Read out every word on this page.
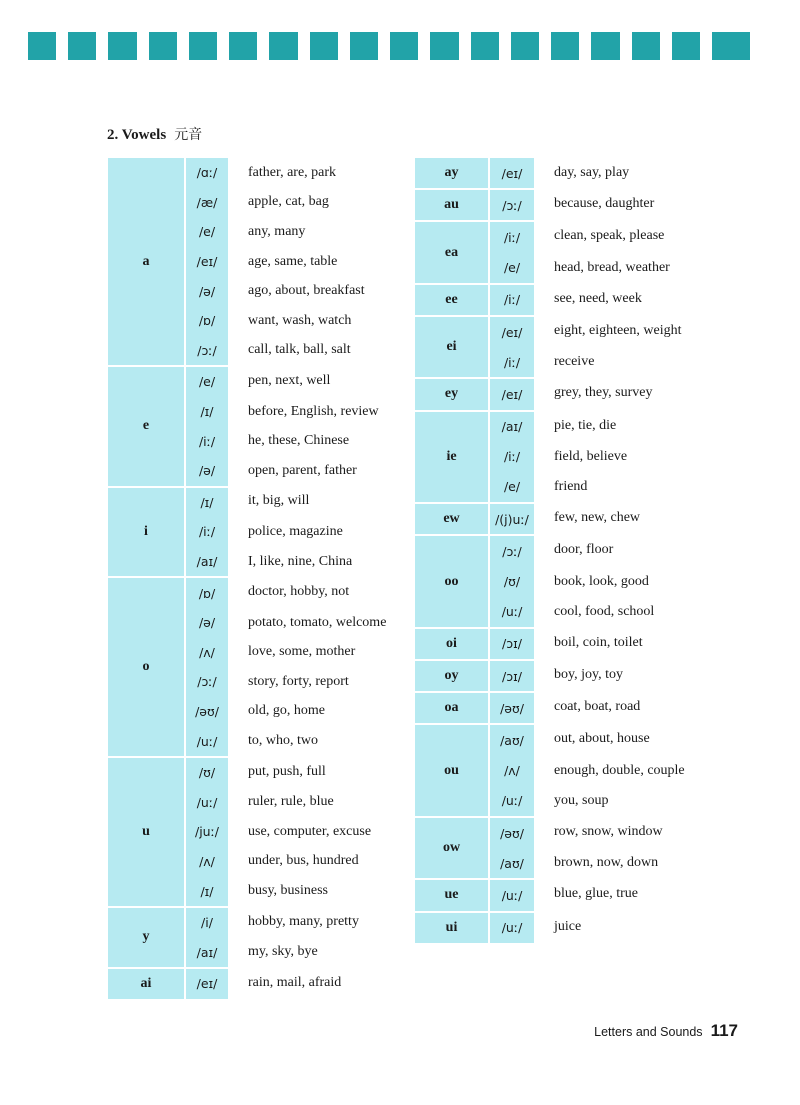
2. Vowels 元音
a	/ɑː/	father, are, park
	/æ/	apple, cat, bag
	/e/	any, many
	/eɪ/	age, same, table
	/ə/	ago, about, breakfast
	/ɒ/	want, wash, watch
	/ɔː/	call, talk, ball, salt
e	/e/	pen, next, well
	/ɪ/	before, English, review
	/iː/	he, these, Chinese
	/ə/	open, parent, father
i	/ɪ/	it, big, will
	/iː/	police, magazine
	/aɪ/	I, like, nine, China
o	/ɒ/	doctor, hobby, not
	/ə/	potato, tomato, welcome
	/ʌ/	love, some, mother
	/ɔː/	story, forty, report
	/əʊ/	old, go, home
	/uː/	to, who, two
u	/ʊ/	put, push, full
	/uː/	ruler, rule, blue
	/juː/	use, computer, excuse
	/ʌ/	under, bus, hundred
	/ɪ/	busy, business
y	/i/	hobby, many, pretty
	/aɪ/	my, sky, bye
ai	/eɪ/	rain, mail, afraid
ay	/eɪ/	day, say, play
au	/ɔː/	because, daughter
ea	/iː/	clean, speak, please
	/e/	head, bread, weather
ee	/iː/	see, need, week
ei	/eɪ/	eight, eighteen, weight
	/iː/	receive
ey	/eɪ/	grey, they, survey
ie	/aɪ/	pie, tie, die
	/iː/	field, believe
	/e/	friend
ew	/(j)uː/	few, new, chew
oo	/ɔː/	door, floor
	/ʊ/	book, look, good
	/uː/	cool, food, school
oi	/ɔɪ/	boil, coin, toilet
oy	/ɔɪ/	boy, joy, toy
oa	/əʊ/	coat, boat, road
ou	/aʊ/	out, about, house
	/ʌ/	enough, double, couple
	/uː/	you, soup
ow	/əʊ/	row, snow, window
	/aʊ/	brown, now, down
ue	/uː/	blue, glue, true
ui	/uː/	juice
Letters and Sounds 117
